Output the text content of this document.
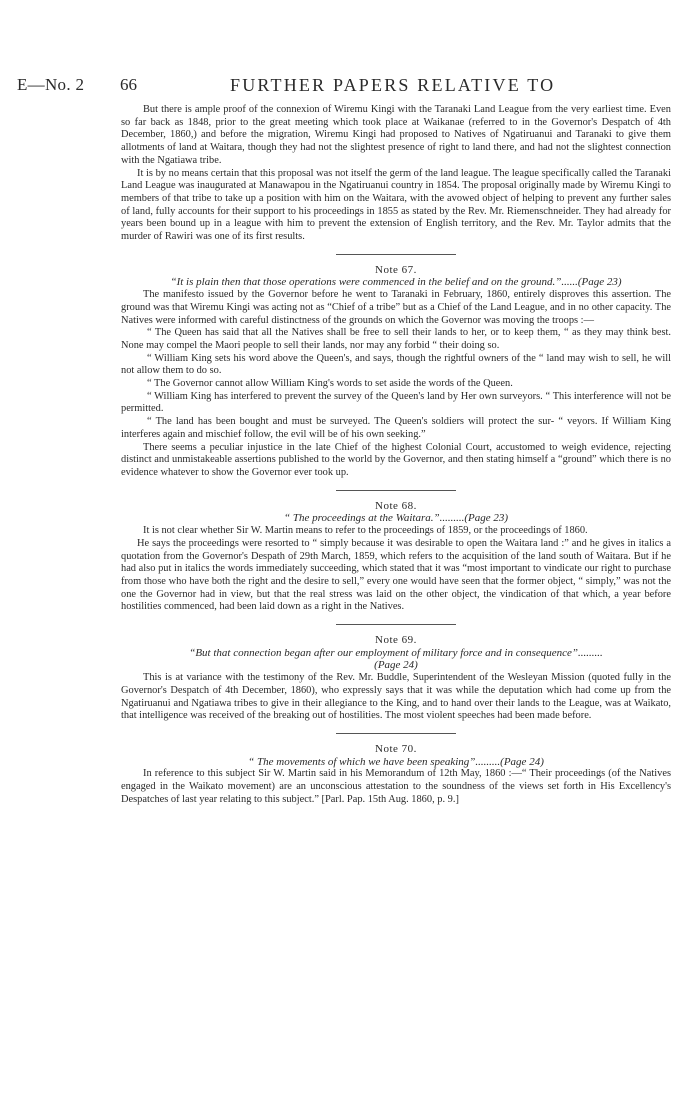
E—No. 2 66	FURTHER PAPERS RELATIVE TO

But there is ample proof of the connexion of Wiremu Kingi with the Taranaki Land League from the very earliest time. Even so far back as 1848, prior to the great meeting which took place at Waikanae (referred to in the Governor's Despatch of 4th December, 1860,) and before the migration, Wiremu Kingi had proposed to Natives of Ngatiruanui and Taranaki to give them allotments of land at Waitara, though they had not the slightest presence of right to land there, and had not the slightest connection with the Ngatiawa tribe.

It is by no means certain that this proposal was not itself the germ of the land league. The league specifically called the Taranaki Land League was inaugurated at Manawapou in the Ngatiruanui country in 1854. The proposal originally made by Wiremu Kingi to members of that tribe to take up a position with him on the Waitara, with the avowed object of helping to prevent any further sales of land, fully accounts for their support to his proceedings in 1855 as stated by the Rev. Mr. Riemenschneider. They had already for years been bound up in a league with him to prevent the extension of English territory, and the Rev. Mr. Taylor admits that the murder of Rawiri was one of its first results.

Note 67.

“It is plain then that those operations were commenced in the belief and on the ground.”......(Page 23)

The manifesto issued by the Governor before he went to Taranaki in February, 1860, entirely disproves this assertion. The ground was that Wiremu Kingi was acting not as “Chief of a tribe” but as a Chief of the Land League, and in no other capacity. The Natives were informed with careful distinctness of the grounds on which the Governor was moving the troops :—

“ The Queen has said that all the Natives shall be free to sell their lands to her, or to keep them, “ as they may think best. None may compel the Maori people to sell their lands, nor may any forbid “ their doing so.

“ William King sets his word above the Queen's, and says, though the rightful owners of the “ land may wish to sell, he will not allow them to do so.

“ The Governor cannot allow William King's words to set aside the words of the Queen.

“ William King has interfered to prevent the survey of the Queen's land by Her own surveyors. “ This interference will not be permitted.

“ The land has been bought and must be surveyed. The Queen's soldiers will protect the sur- “ veyors. If William King interferes again and mischief follow, the evil will be of his own seeking.”

There seems a peculiar injustice in the late Chief of the highest Colonial Court, accustomed to weigh evidence, rejecting distinct and unmistakeable assertions published to the world by the Governor, and then stating himself a “ground” which there is no evidence whatever to show the Governor ever took up.

Note 68.

“ The proceedings at the Waitara.”.........(Page 23)

It is not clear whether Sir W. Martin means to refer to the proceedings of 1859, or the proceedings of 1860.

He says the proceedings were resorted to “ simply because it was desirable to open the Waitara land :” and he gives in italics a quotation from the Governor's Despath of 29th March, 1859, which refers to the acquisition of the land south of Waitara. But if he had also put in italics the words immediately succeeding, which stated that it was “most important to vindicate our right to purchase from those who have both the right and the desire to sell,” every one would have seen that the former object, “ simply,” was not the one the Governor had in view, but that the real stress was laid on the other object, the vindication of that which, a year before hostilities commenced, had been laid down as a right in the Natives.

Note 69.

“But that connection began after our employment of military force and in consequence”.........

(Page 24)

This is at variance with the testimony of the Rev. Mr. Buddle, Superintendent of the Wesleyan Mission (quoted fully in the Governor's Despatch of 4th December, 1860), who expressly says that it was while the deputation which had come up from the Ngatiruanui and Ngatiawa tribes to give in their allegiance to the King, and to hand over their lands to the League, was at Waikato, that intelligence was received of the breaking out of hostilities. The most violent speeches had been made before.

Note 70.

“ The movements of which we have been speaking”.........(Page 24)

In reference to this subject Sir W. Martin said in his Memorandum of 12th May, 1860 :—“ Their proceedings (of the Natives engaged in the Waikato movement) are an unconscious attestation to the soundness of the views set forth in His Excellency's Despatches of last year relating to this subject.” [Parl. Pap. 15th Aug. 1860, p. 9.]
